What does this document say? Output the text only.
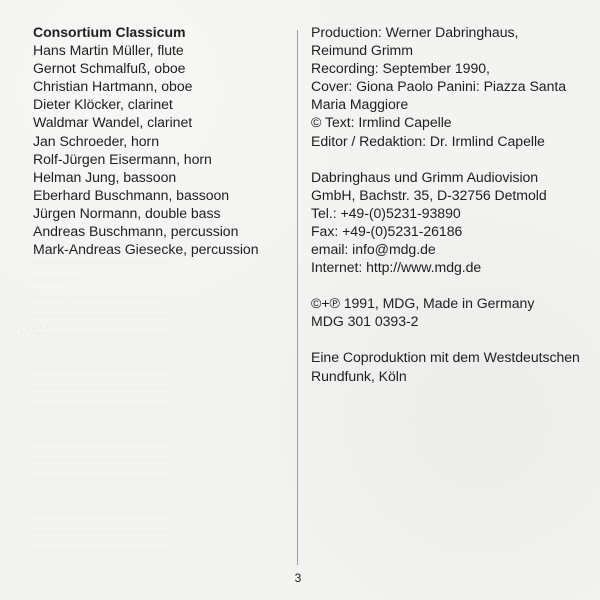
Consortium Classicum

Hans Martin Müller, flute

Gernot Schmalfuß, oboe

Christian Hartmann, oboe

Dieter Klöcker, clarinet

Waldmar Wandel, clarinet

Jan Schroeder, horn

Rolf-Jürgen Eisermann, horn

Helman Jung, bassoon

Eberhard Buschmann, bassoon

Jürgen Normann, double bass

Andreas Buschmann, percussion

Mark-Andreas Giesecke, percussion

Production: Werner Dabringhaus,

Reimund Grimm

Recording: September 1990,

Cover: Giona Paolo Panini: Piazza Santa

Maria Maggiore

© Text: Irmlind Capelle

Editor / Redaktion: Dr. Irmlind Capelle

Dabringhaus und Grimm Audiovision

GmbH, Bachstr. 35, D-32756 Detmold

Tel.: +49-(0)5231-93890

Fax: +49-(0)5231-26186

email: info@mdg.de

Internet: http://www.mdg.de

©+℗ 1991, MDG, Made in Germany

MDG 301 0393-2

Eine Coproduktion mit dem Westdeutschen

Rundfunk, Köln

3
